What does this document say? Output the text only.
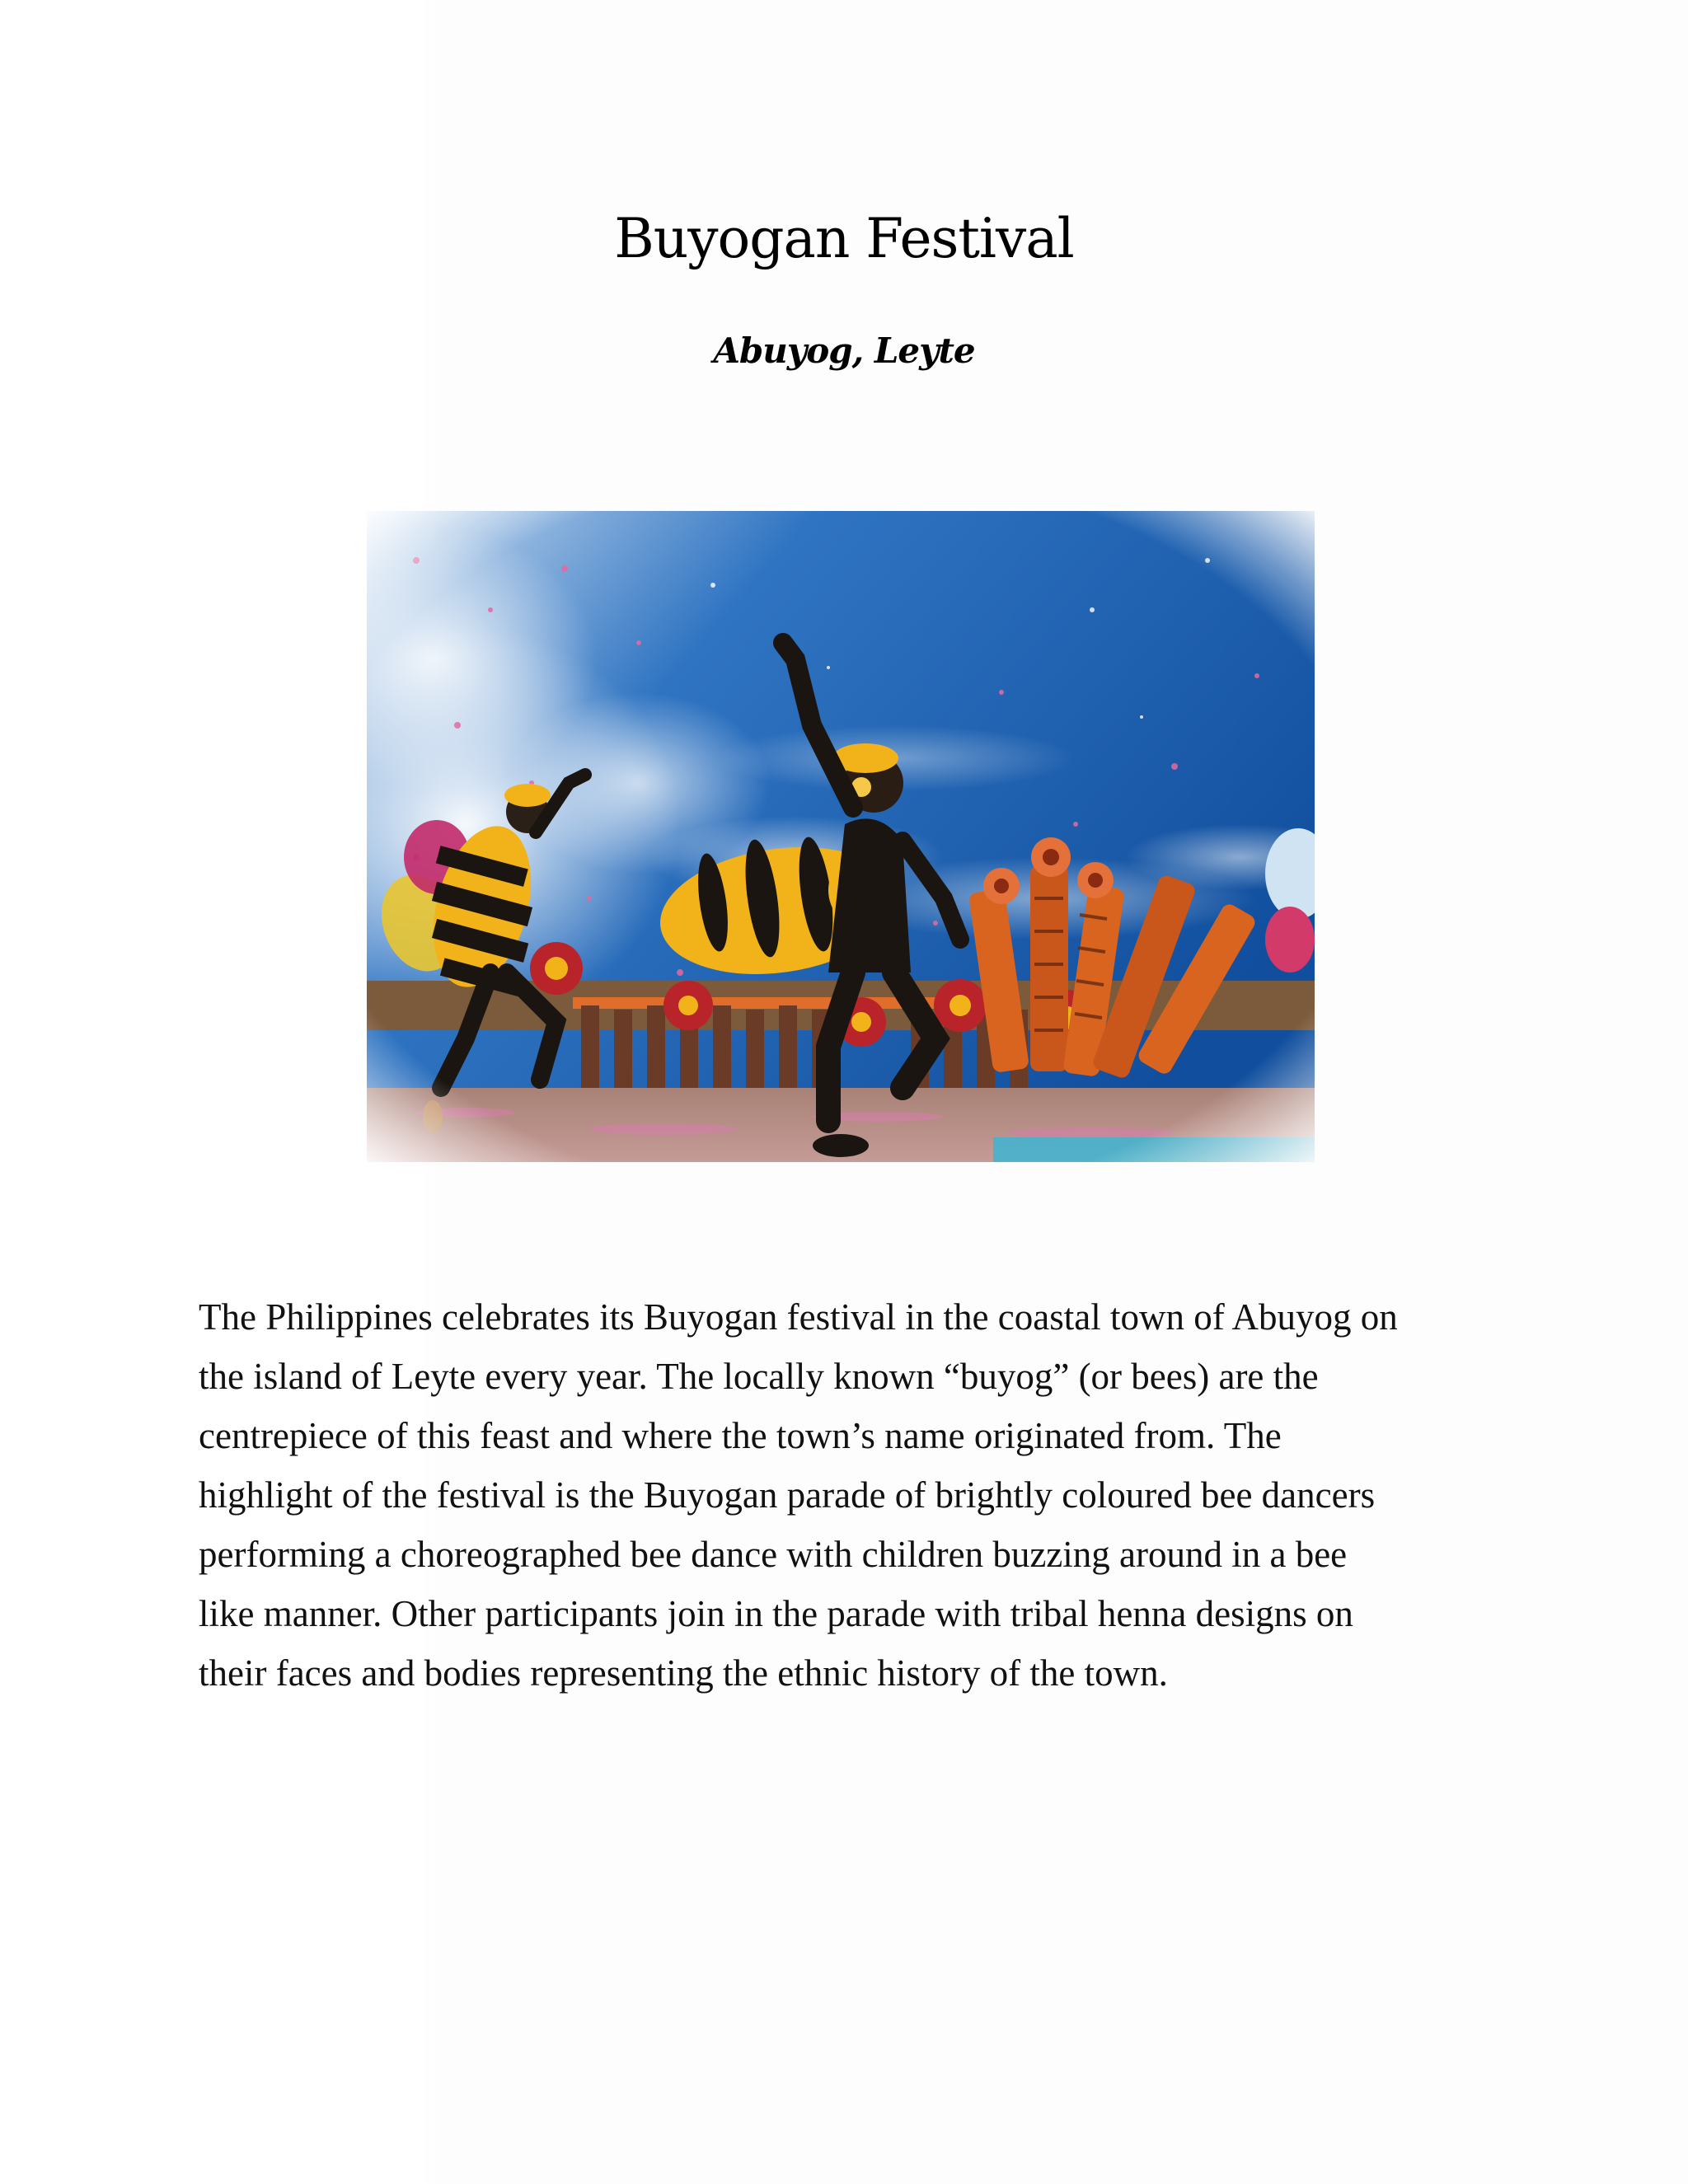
Buyogan Festival
Abuyog, Leyte

The Philippines celebrates its Buyogan festival in the coastal town of Abuyog on
the island of Leyte every year. The locally known “buyog” (or bees) are the
centrepiece of this feast and where the town’s name originated from. The
highlight of the festival is the Buyogan parade of brightly coloured bee dancers
performing a choreographed bee dance with children buzzing around in a bee
like manner. Other participants join in the parade with tribal henna designs on
their faces and bodies representing the ethnic history of the town.
